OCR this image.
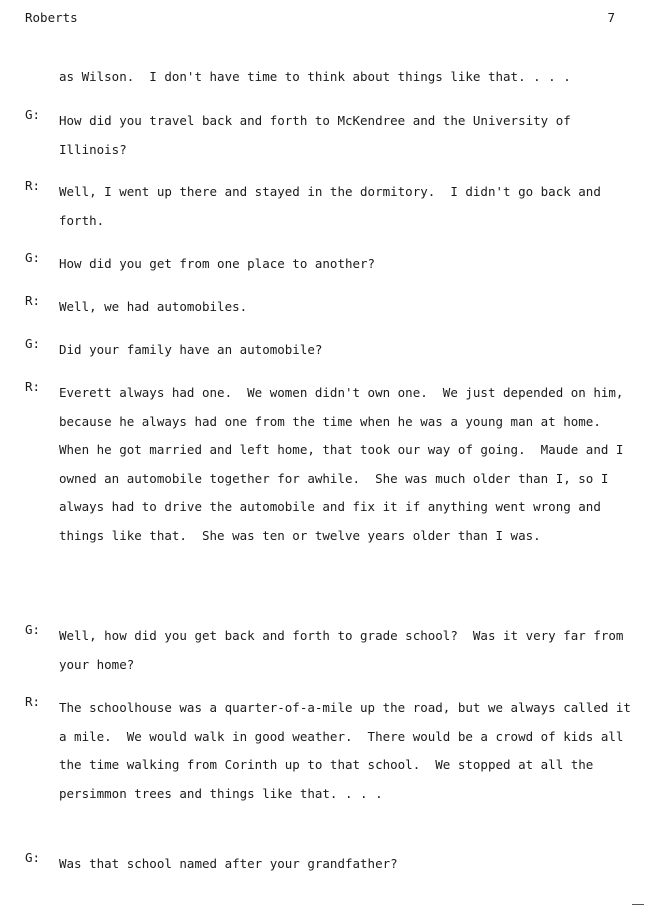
Roberts	7
as Wilson.  I don't have time to think about things like that. . . .
G:	How did you travel back and forth to McKendree and the University of Illinois?
R:	Well, I went up there and stayed in the dormitory.  I didn't go back and forth.
G:	How did you get from one place to another?
R:	Well, we had automobiles.
G:	Did your family have an automobile?
R:	Everett always had one.  We women didn't own one.  We just depended on him, because he always had one from the time when he was a young man at home.  When he got married and left home, that took our way of going.  Maude and I owned an automobile together for awhile.  She was much older than I, so I always had to drive the automobile and fix it if anything went wrong and things like that.  She was ten or twelve years older than I was.
G:	Well, how did you get back and forth to grade school?  Was it very far from your home?
R:	The schoolhouse was a quarter-of-a-mile up the road, but we always called it a mile.  We would walk in good weather.  There would be a crowd of kids all the time walking from Corinth up to that school.  We stopped at all the persimmon trees and things like that. . . .
G:	Was that school named after your grandfather?
